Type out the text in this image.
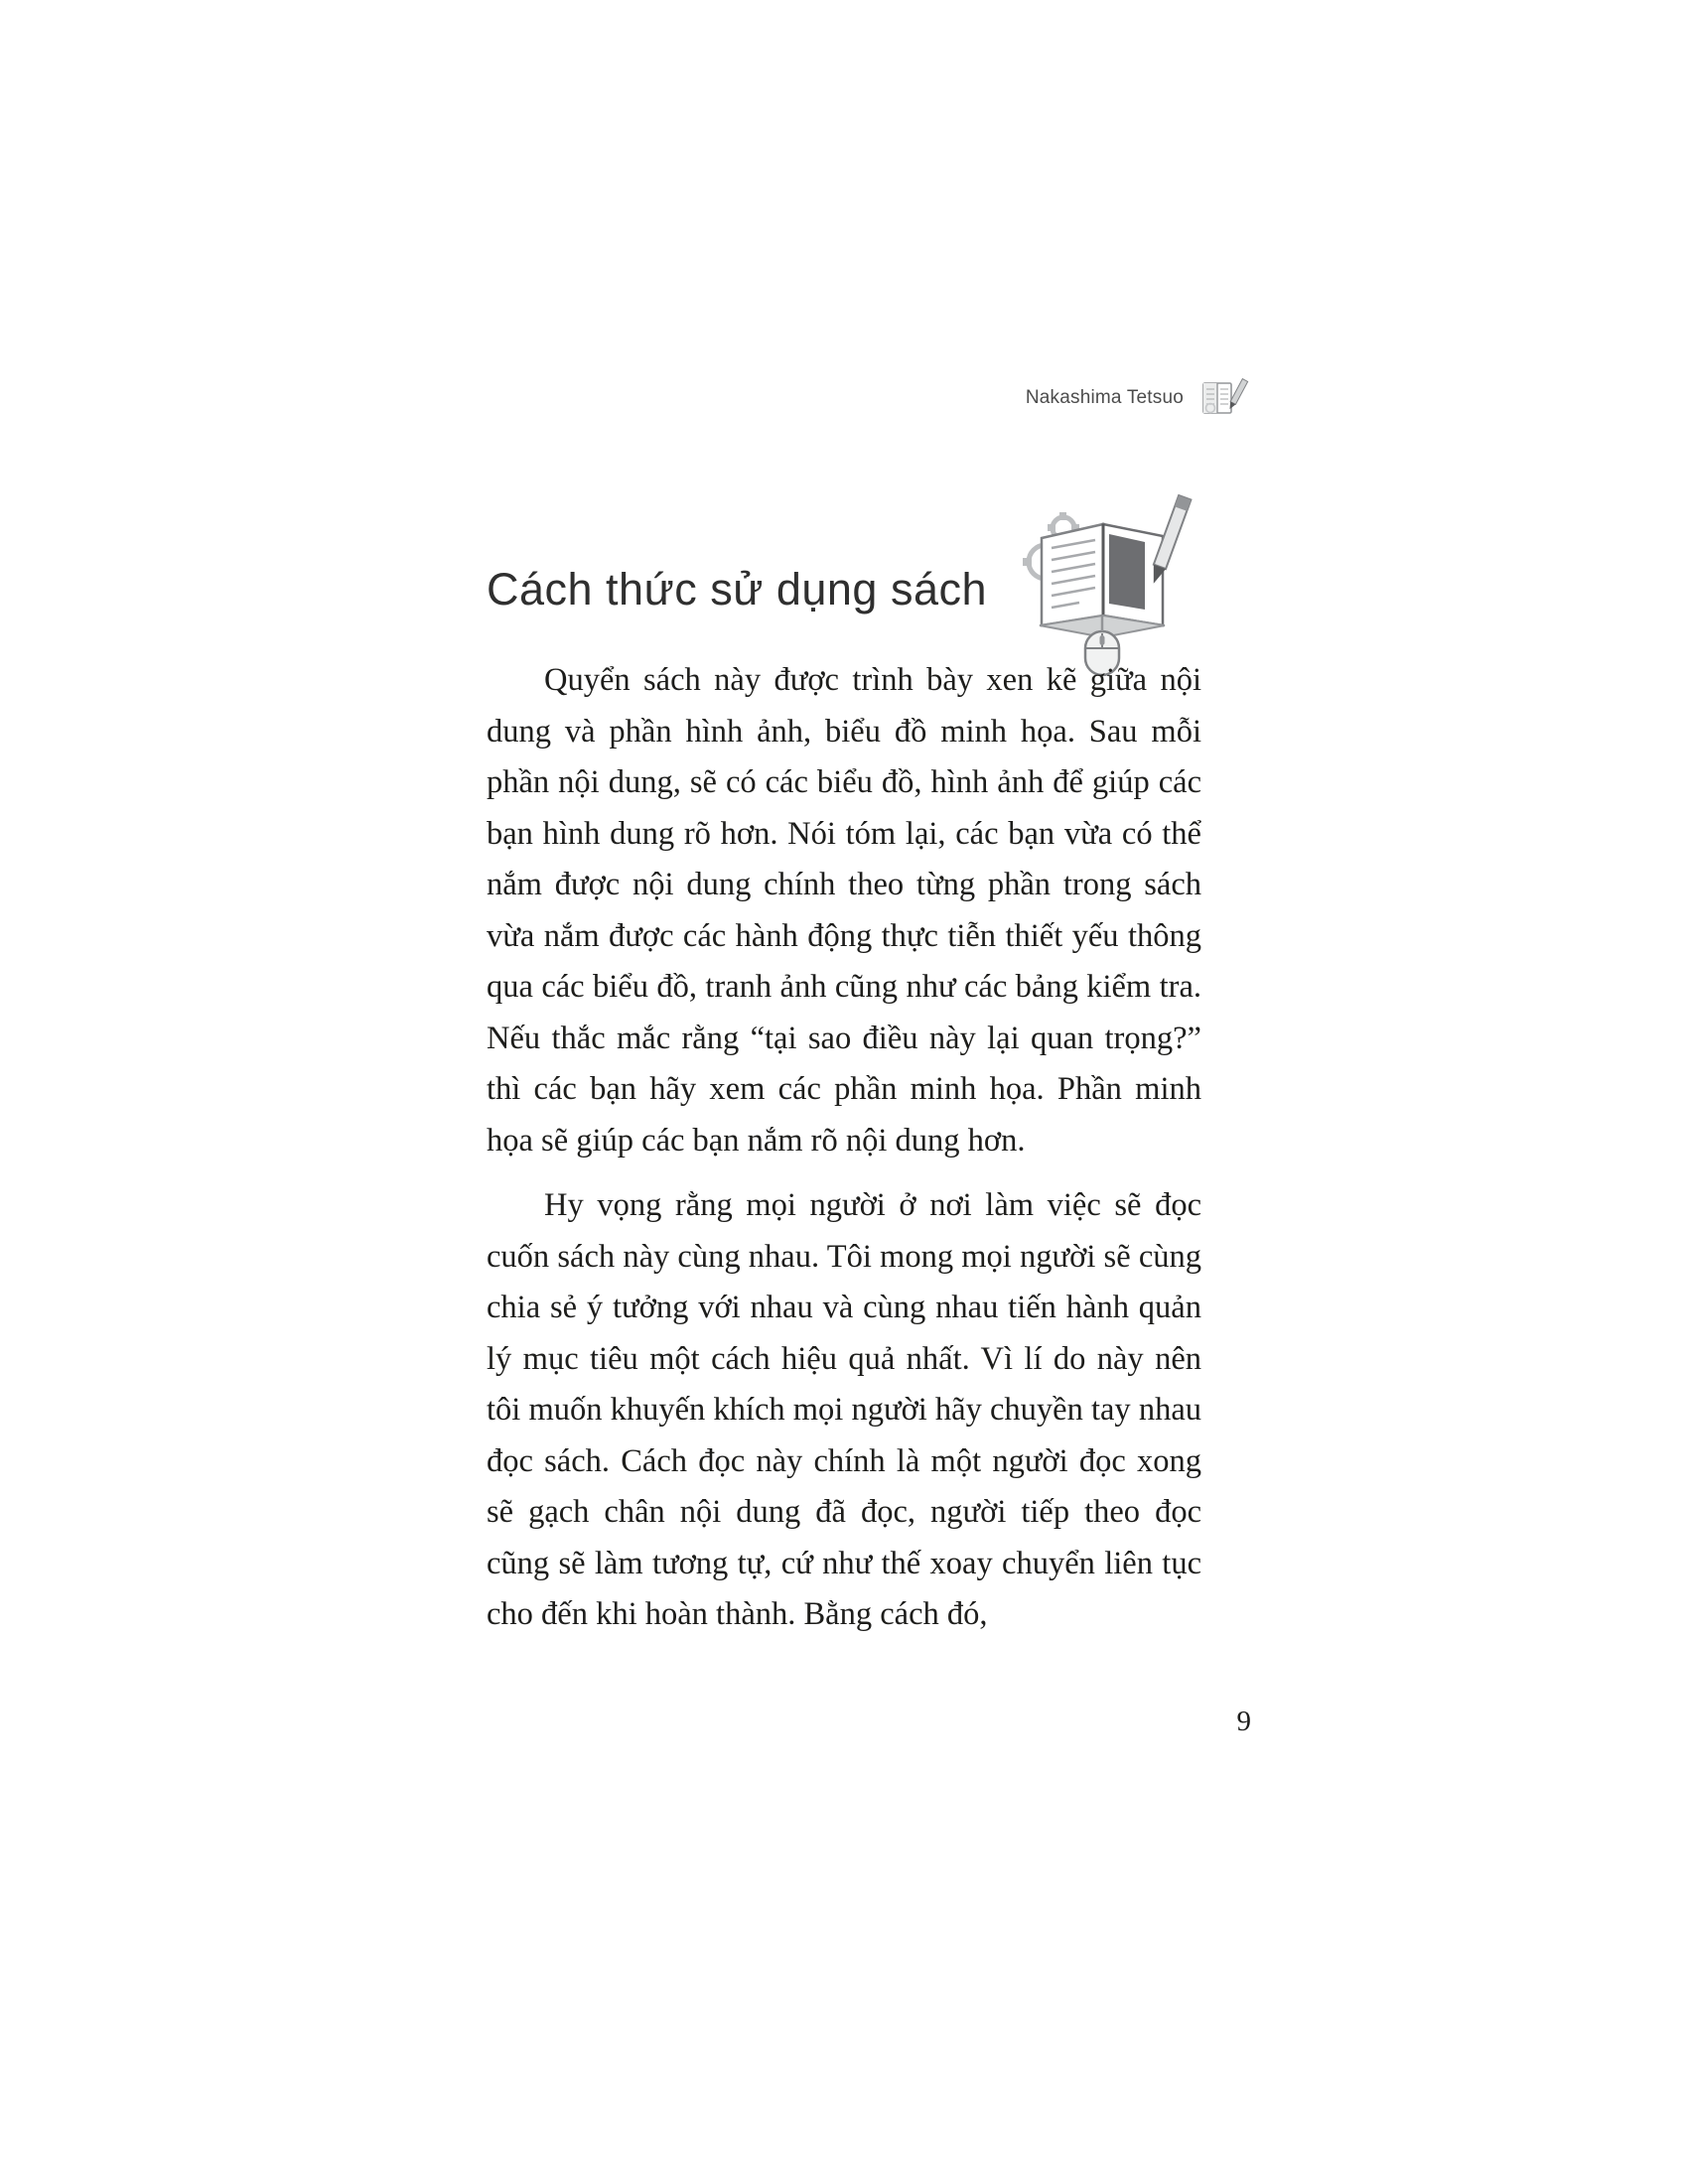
Nakashima Tetsuo
Cách thức sử dụng sách

Quyển sách này được trình bày xen kẽ giữa nội dung và phần hình ảnh, biểu đồ minh họa. Sau mỗi phần nội dung, sẽ có các biểu đồ, hình ảnh để giúp các bạn hình dung rõ hơn. Nói tóm lại, các bạn vừa có thể nắm được nội dung chính theo từng phần trong sách vừa nắm được các hành động thực tiễn thiết yếu thông qua các biểu đồ, tranh ảnh cũng như các bảng kiểm tra. Nếu thắc mắc rằng “tại sao điều này lại quan trọng?” thì các bạn hãy xem các phần minh họa. Phần minh họa sẽ giúp các bạn nắm rõ nội dung hơn.

Hy vọng rằng mọi người ở nơi làm việc sẽ đọc cuốn sách này cùng nhau. Tôi mong mọi người sẽ cùng chia sẻ ý tưởng với nhau và cùng nhau tiến hành quản lý mục tiêu một cách hiệu quả nhất. Vì lí do này nên tôi muốn khuyến khích mọi người hãy chuyền tay nhau đọc sách. Cách đọc này chính là một người đọc xong sẽ gạch chân nội dung đã đọc, người tiếp theo đọc cũng sẽ làm tương tự, cứ như thế xoay chuyển liên tục cho đến khi hoàn thành. Bằng cách đó,

9
